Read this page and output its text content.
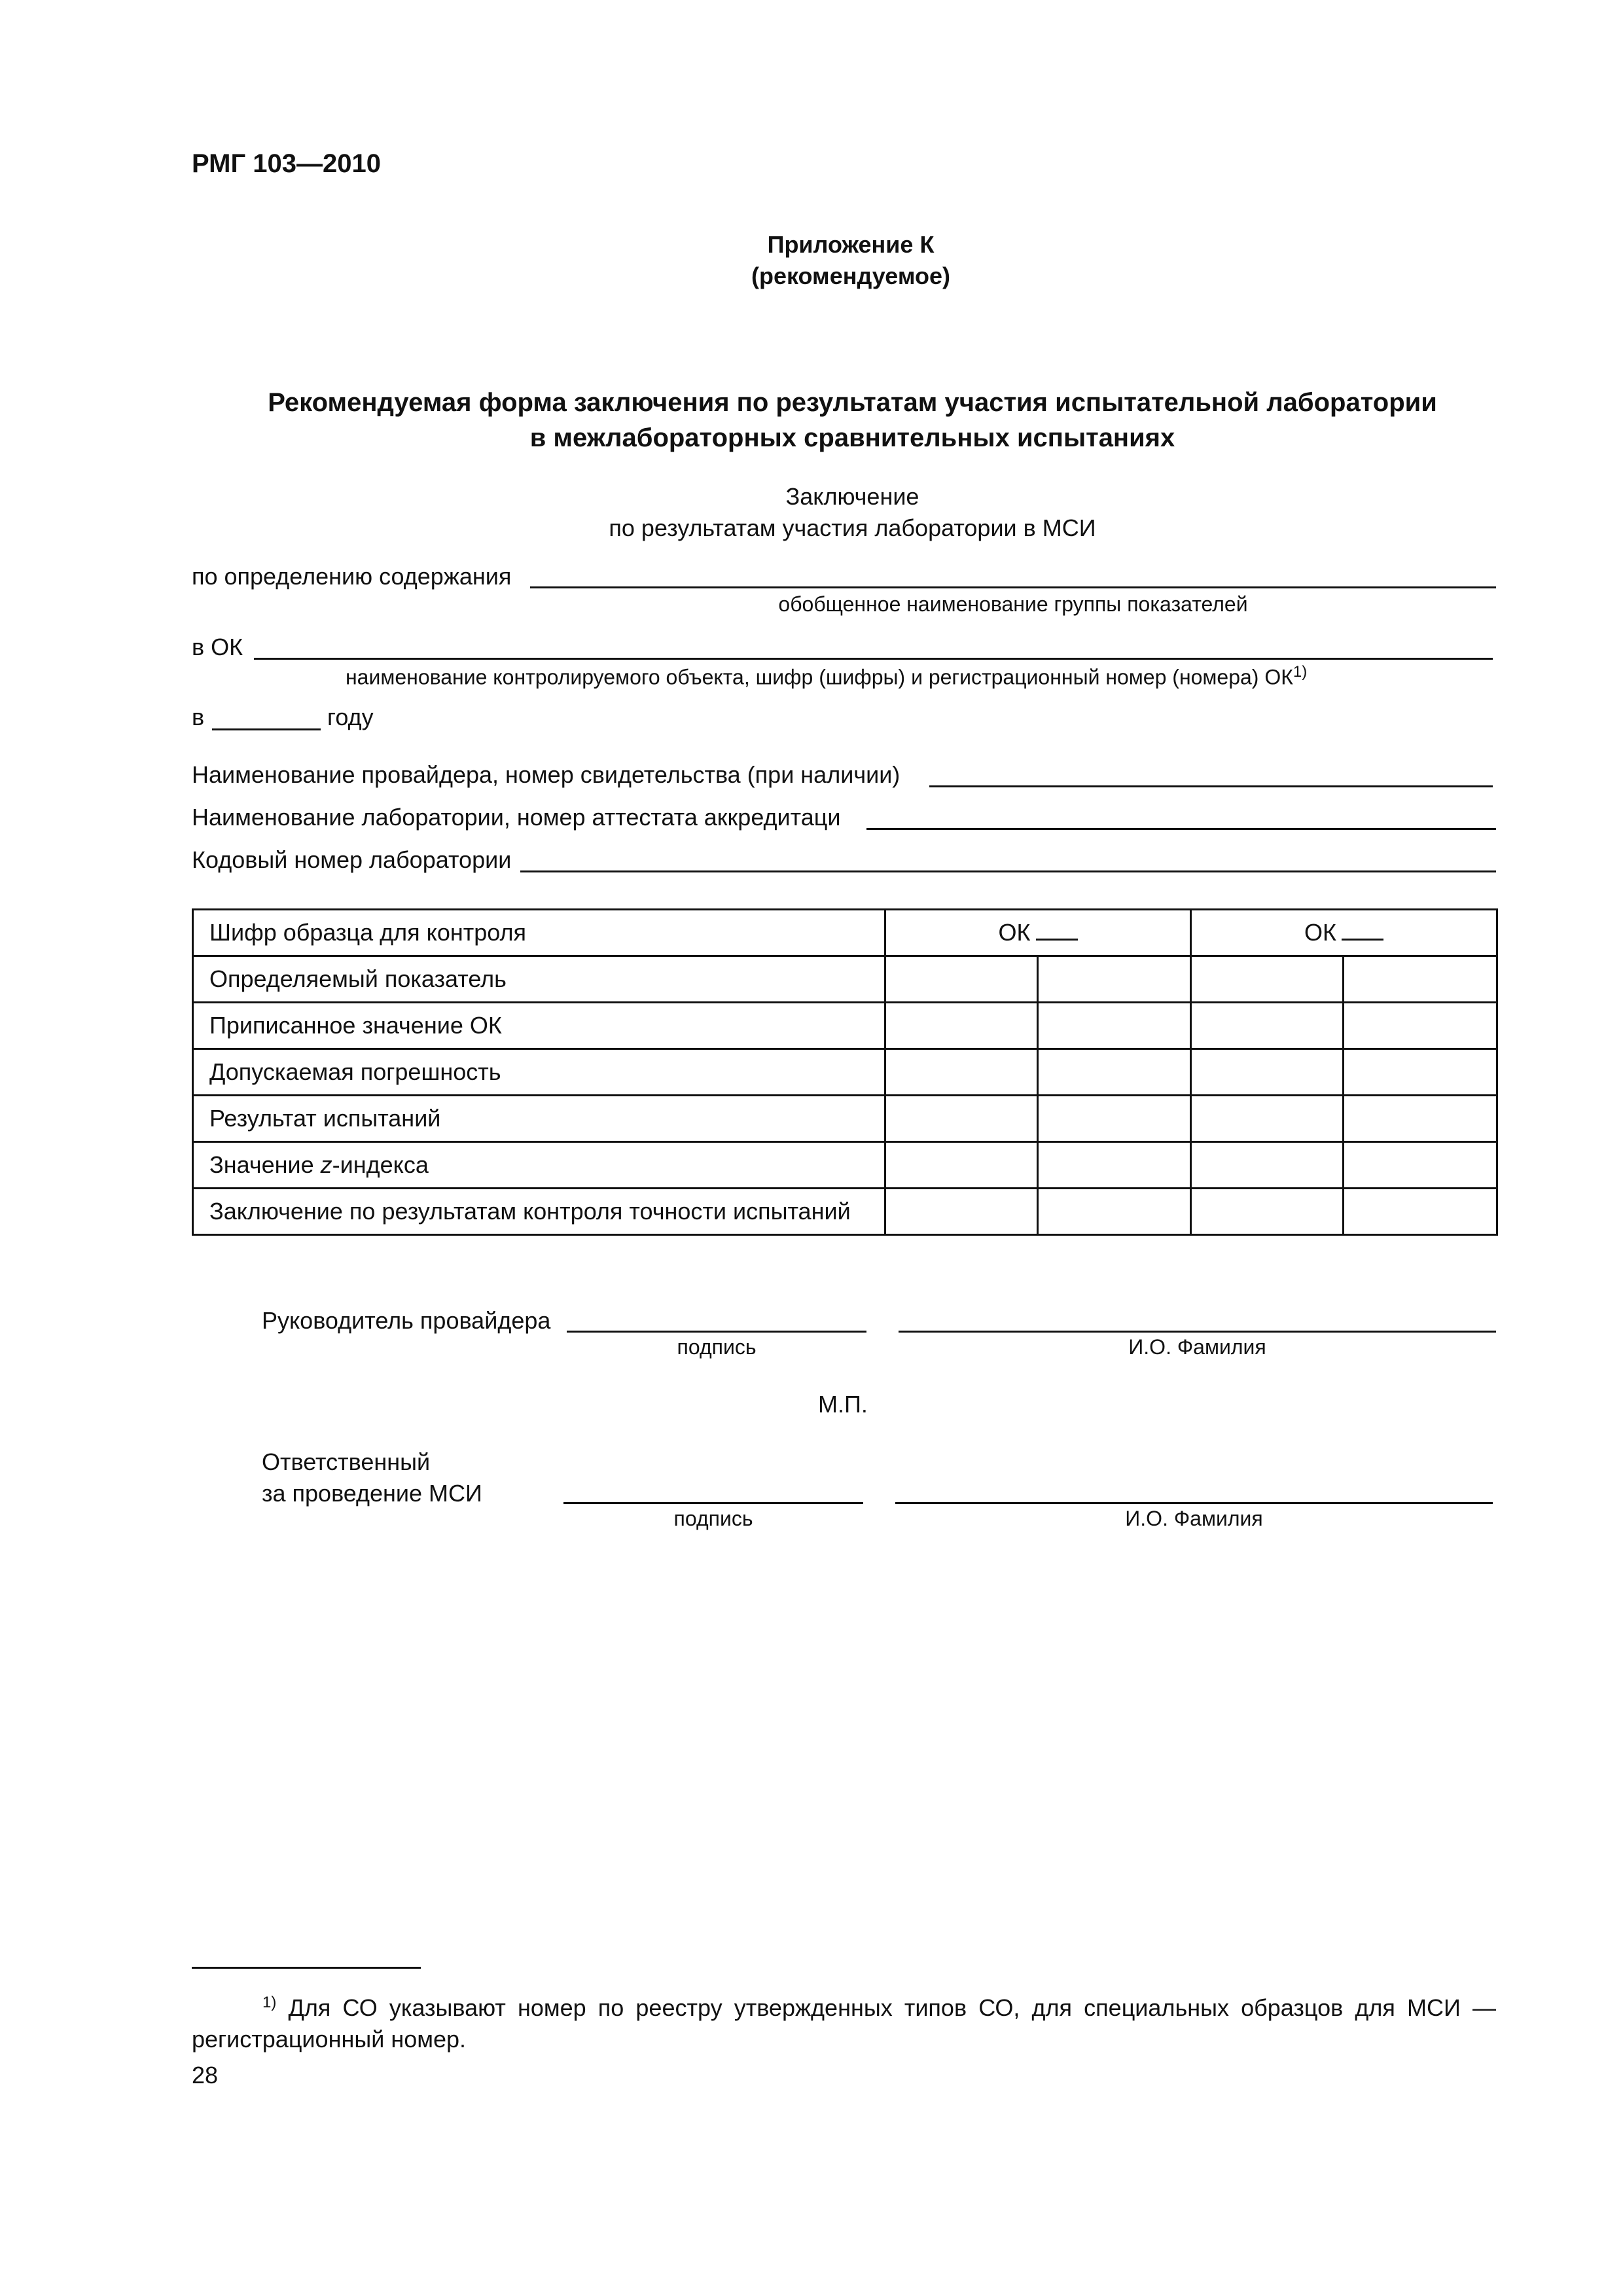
РМГ 103—2010
Приложение К
(рекомендуемое)
Рекомендуемая форма заключения по результатам участия испытательной лаборатории
в межлабораторных сравнительных испытаниях
Заключение
по результатам участия лаборатории в МСИ
по определению содержания
обобщенное наименование группы показателей
в ОК
наименование контролируемого объекта, шифр (шифры) и регистрационный номер (номера) ОК$^{1)}$
в	году
Наименование провайдера, номер свидетельства (при наличии)
Наименование лаборатории, номер аттестата аккредитаци
Кодовый номер лаборатории
Шифр образца для контроля	ОК		ОК	
Определяемый показатель				
Приписанное значение ОК				
Допускаемая погрешность				
Результат испытаний				
Значение z-индекса				
Заключение по результатам контроля точности испытаний				
Руководитель провайдера
подпись	И.О. Фамилия
М.П.
Ответственный
за проведение МСИ
подпись	И.О. Фамилия
$^{1)}$ Для СО указывают номер по реестру утвержденных типов СО, для специальных образцов для МСИ — регистрационный номер.
28
